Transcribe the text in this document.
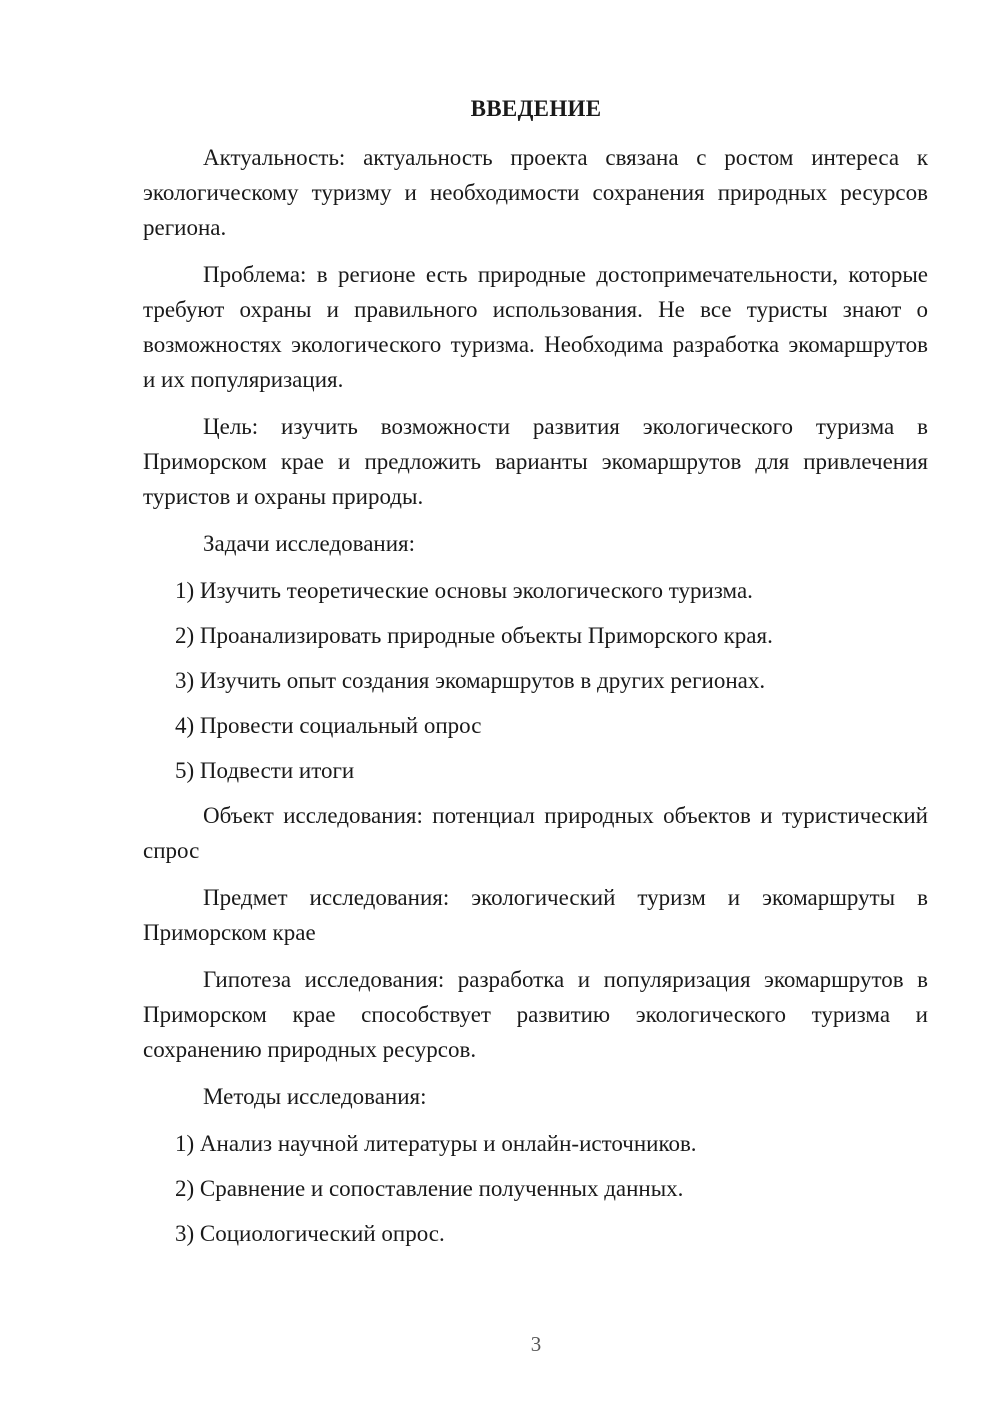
ВВЕДЕНИЕ

Актуальность: актуальность проекта связана с ростом интереса к экологическому туризму и необходимости сохранения природных ресурсов региона.

Проблема: в регионе есть природные достопримечательности, которые требуют охраны и правильного использования. Не все туристы знают о возможностях экологического туризма. Необходима разработка экомаршрутов и их популяризация.

Цель: изучить возможности развития экологического туризма в Приморском крае и предложить варианты экомаршрутов для привлечения туристов и охраны природы.

Задачи исследования:

1) Изучить теоретические основы экологического туризма.
2) Проанализировать природные объекты Приморского края.
3) Изучить опыт создания экомаршрутов в других регионах.
4) Провести социальный опрос
5) Подвести итоги

Объект исследования: потенциал природных объектов и туристический спрос

Предмет исследования: экологический туризм и экомаршруты в Приморском крае

Гипотеза исследования: разработка и популяризация экомаршрутов в Приморском крае способствует развитию экологического туризма и сохранению природных ресурсов.

Методы исследования:

1) Анализ научной литературы и онлайн-источников.
2) Сравнение и сопоставление полученных данных.
3) Социологический опрос.
3
